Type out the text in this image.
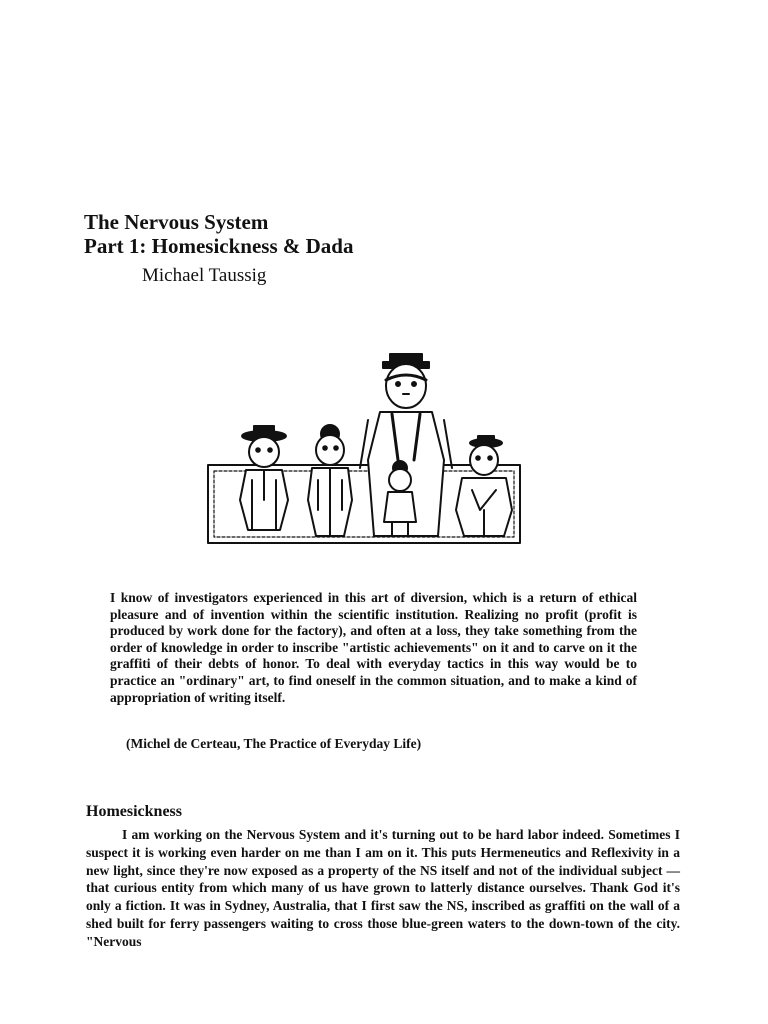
The Nervous System
Part 1: Homesickness & Dada
Michael Taussig

I know of investigators experienced in this art of diversion, which is a return of ethical pleasure and of invention within the scientific institution. Realizing no profit (profit is produced by work done for the factory), and often at a loss, they take something from the order of knowledge in order to inscribe "artistic achievements" on it and to carve on it the graffiti of their debts of honor. To deal with everyday tactics in this way would be to practice an "ordinary" art, to find oneself in the common situation, and to make a kind of appropriation of writing itself.

(Michel de Certeau, The Practice of Everyday Life)
Homesickness

I am working on the Nervous System and it's turning out to be hard labor indeed. Sometimes I suspect it is working even harder on me than I am on it. This puts Hermeneutics and Reflexivity in a new light, since they're now exposed as a property of the NS itself and not of the individual subject — that curious entity from which many of us have grown to latterly distance ourselves. Thank God it's only a fiction. It was in Sydney, Australia, that I first saw the NS, inscribed as graffiti on the wall of a shed built for ferry passengers waiting to cross those blue-green waters to the down-town of the city. "Nervous
